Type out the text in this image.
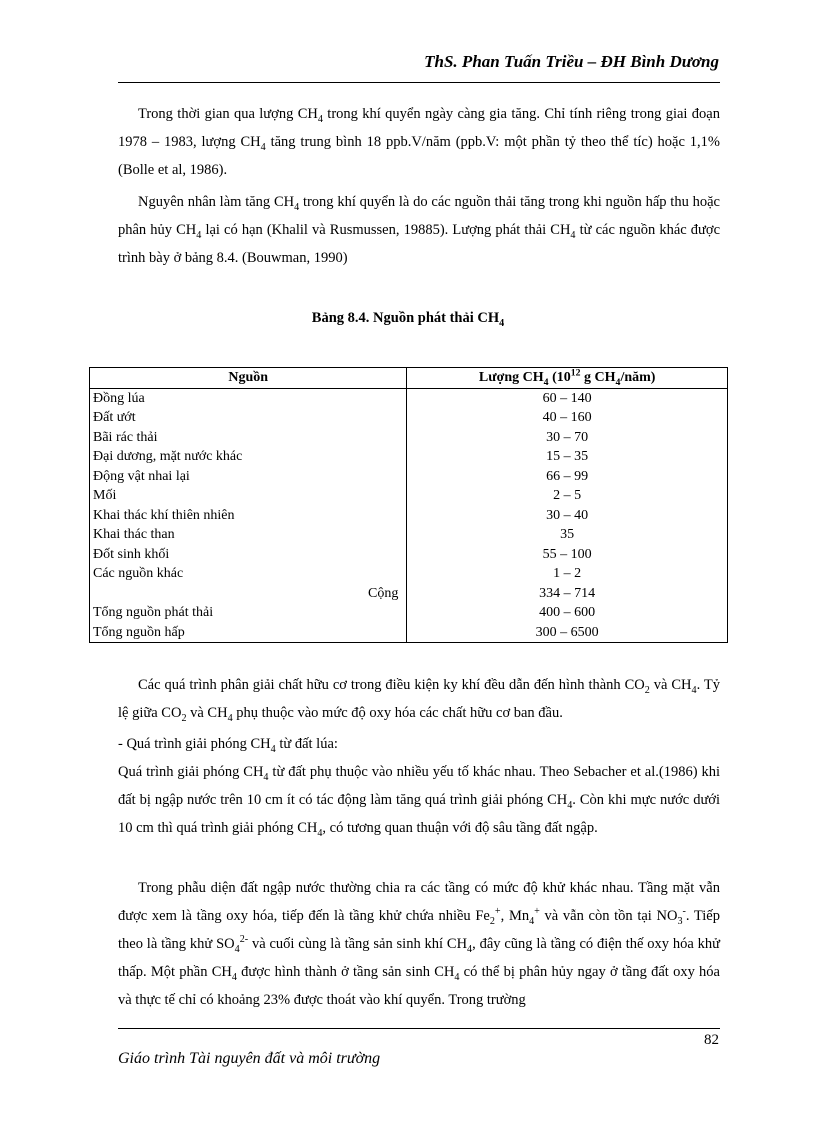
ThS. Phan Tuấn Triều – ĐH Bình Dương

Trong thời gian qua lượng $CH_4$ trong khí quyển ngày càng gia tăng. Chỉ tính riêng trong giai đoạn 1978 – 1983, lượng $CH_4$ tăng trung bình 18 ppb.V/năm (ppb.V: một phần tỷ theo thể tíc) hoặc 1,1% (Bolle et al, 1986).

Nguyên nhân làm tăng $CH_4$ trong khí quyển là do các nguồn thải tăng trong khi nguồn hấp thu hoặc phân hủy $CH_4$ lại có hạn (Khalil và Rusmussen, 19885). Lượng phát thải $CH_4$ từ các nguồn khác được trình bày ở bảng 8.4. (Bouwman, 1990)

Bảng 8.4. Nguồn phát thải $CH_4$
Nguồn	Lượng $CH_4$ ($10^{12}$ g $CH_4/năm$)
Đồng lúa	60 – 140
Đất ướt	40 – 160
Bãi rác thải	30 – 70
Đại dương, mặt nước khác	15 – 35
Động vật nhai lại	66 – 99
Mối	2 – 5
Khai thác khí thiên nhiên	30 – 40
Khai thác than	35
Đốt sinh khối	55 – 100
Các nguồn khác	1 – 2
Cộng	334 – 714
Tổng nguồn phát thải	400 – 600
Tổng nguồn hấp	300 – 6500

Các quá trình phân giải chất hữu cơ trong điều kiện ky khí đều dẫn đến hình thành $CO_2$ và $CH_4$. Tỷ lệ giữa $CO_2$ và $CH_4$ phụ thuộc vào mức độ oxy hóa các chất hữu cơ ban đầu.

- Quá trình giải phóng $CH_4$ từ đất lúa:

Quá trình giải phóng $CH_4$ từ đất phụ thuộc vào nhiều yếu tố khác nhau. Theo Sebacher et al.(1986) khi đất bị ngập nước trên 10 cm ít có tác động làm tăng quá trình giải phóng $CH_4$. Còn khi mực nước dưới 10 cm thì quá trình giải phóng $CH_4$, có tương quan thuận với độ sâu tầng đất ngập.

Trong phẫu diện đất ngập nước thường chia ra các tầng có mức độ khử khác nhau. Tầng mặt vẫn được xem là tầng oxy hóa, tiếp đến là tầng khử chứa nhiều $Fe_2^+$, $Mn_4^+$ và vẫn còn tồn tại $NO_3^-$. Tiếp theo là tầng khử $SO_4^{2-}$ và cuối cùng là tầng sản sinh khí $CH_4$, đây cũng là tầng có điện thế oxy hóa khử thấp. Một phần $CH_4$ được hình thành ở tầng sản $\sinh CH_4$ có thể bị phân hủy ngay ở tầng đất oxy hóa và thực tế chỉ có khoảng 23% được thoát vào khí quyển. Trong trường

82
Giáo trình Tài nguyên đất và môi trường
